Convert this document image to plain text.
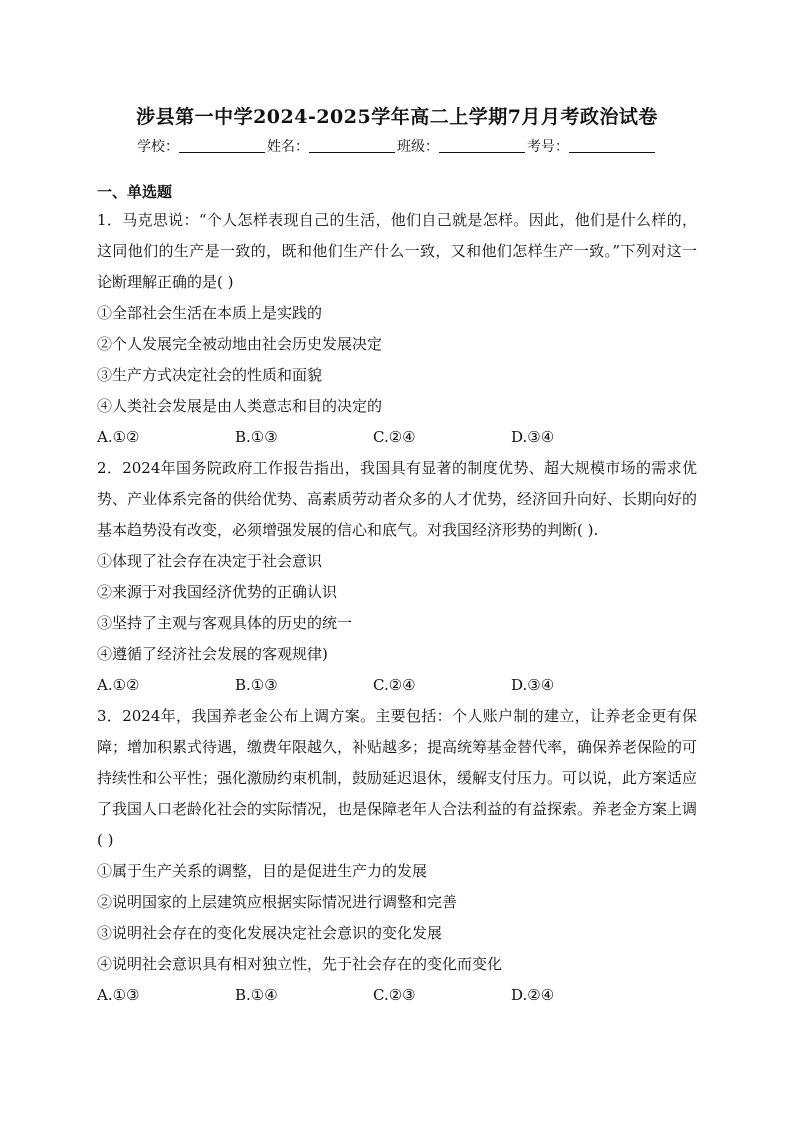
涉县第一中学2024-2025学年高二上学期7月月考政治试卷
学校：	姓名：	班级：	考号：
一、单选题
1．马克思说：“个人怎样表现自己的生活，他们自己就是怎样。因此，他们是什么样的，这同他们的生产是一致的，既和他们生产什么一致，又和他们怎样生产一致。”下列对这一论断理解正确的是( )
①全部社会生活在本质上是实践的
②个人发展完全被动地由社会历史发展决定
③生产方式决定社会的性质和面貌
④人类社会发展是由人类意志和目的决定的
A.①②	B.①③	C.②④	D.③④
2．2024年国务院政府工作报告指出，我国具有显著的制度优势、超大规模市场的需求优势、产业体系完备的供给优势、高素质劳动者众多的人才优势，经济回升向好、长期向好的基本趋势没有改变，必须增强发展的信心和底气。对我国经济形势的判断( ).
①体现了社会存在决定于社会意识
②来源于对我国经济优势的正确认识
③坚持了主观与客观具体的历史的统一
④遵循了经济社会发展的客观规律)
A.①②	B.①③	C.②④	D.③④
3．2024年，我国养老金公布上调方案。主要包括：个人账户制的建立，让养老金更有保障；增加积累式待遇，缴费年限越久，补贴越多；提高统筹基金替代率，确保养老保险的可持续性和公平性；强化激励约束机制，鼓励延迟退休，缓解支付压力。可以说，此方案适应了我国人口老龄化社会的实际情况，也是保障老年人合法利益的有益探索。养老金方案上调( )
①属于生产关系的调整，目的是促进生产力的发展
②说明国家的上层建筑应根据实际情况进行调整和完善
③说明社会存在的变化发展决定社会意识的变化发展
④说明社会意识具有相对独立性，先于社会存在的变化而变化
A.①③	B.①④	C.②③	D.②④
